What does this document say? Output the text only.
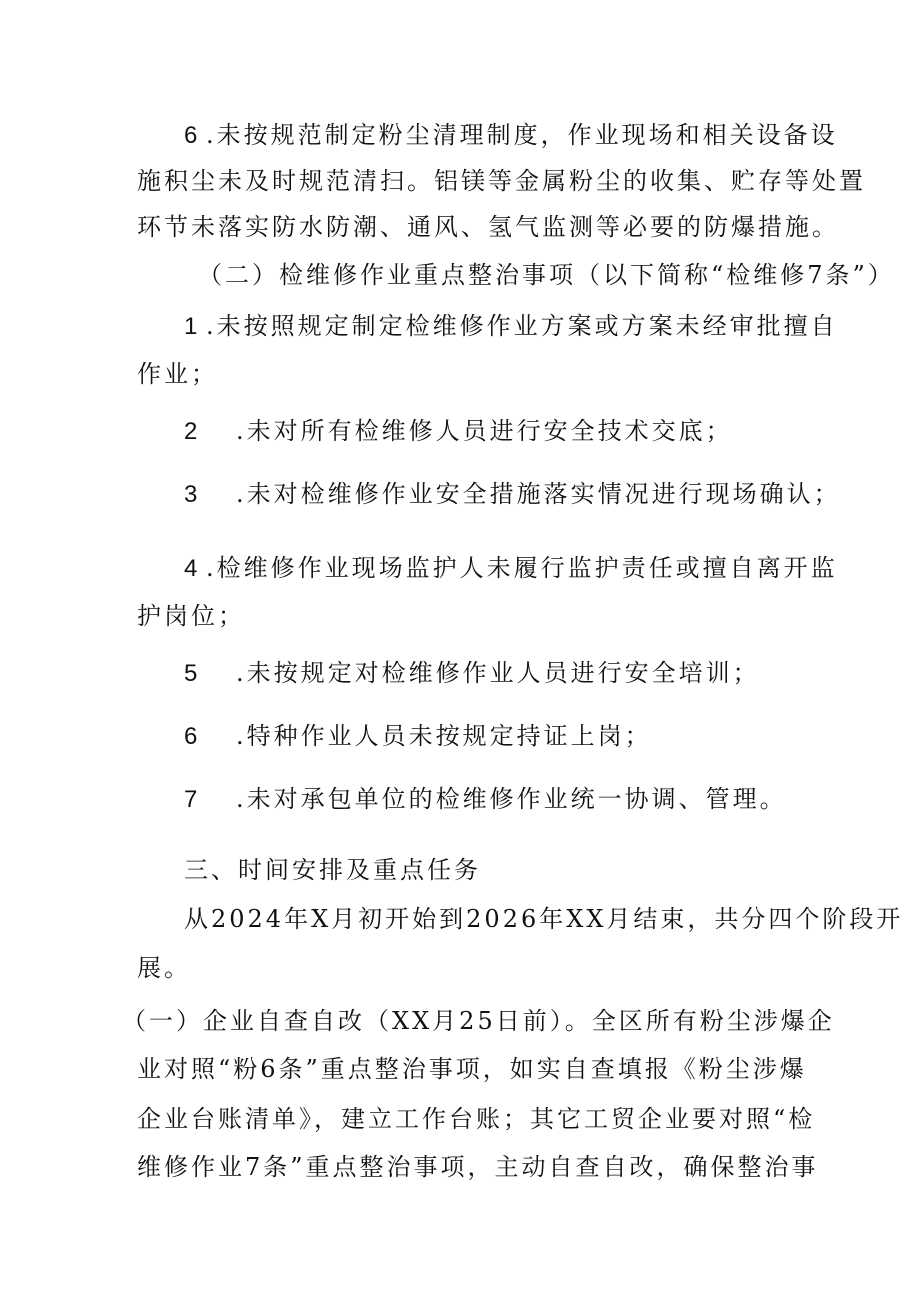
6 .未按规范制定粉尘清理制度，作业现场和相关设备设
施积尘未及时规范清扫。铝镁等金属粉尘的收集、贮存等处置
环节未落实防水防潮、通风、氢气监测等必要的防爆措施。
（二）检维修作业重点整治事项（以下简称“检维修7条”）
1 .未按照规定制定检维修作业方案或方案未经审批擅自
作业；
2 .未对所有检维修人员进行安全技术交底；
3 .未对检维修作业安全措施落实情况进行现场确认；
4 .检维修作业现场监护人未履行监护责任或擅自离开监
护岗位；
5 .未按规定对检维修作业人员进行安全培训；
6 .特种作业人员未按规定持证上岗；
7 .未对承包单位的检维修作业统一协调、管理。
三、时间安排及重点任务
从2024年X月初开始到2026年XX月结束，共分四个阶段开
展。
（一）企业自查自改（XX月25日前）。全区所有粉尘涉爆企
业对照“粉6条”重点整治事项，如实自查填报《粉尘涉爆
企业台账清单》，建立工作台账；其它工贸企业要对照“检
维修作业7条”重点整治事项，主动自查自改，确保整治事
